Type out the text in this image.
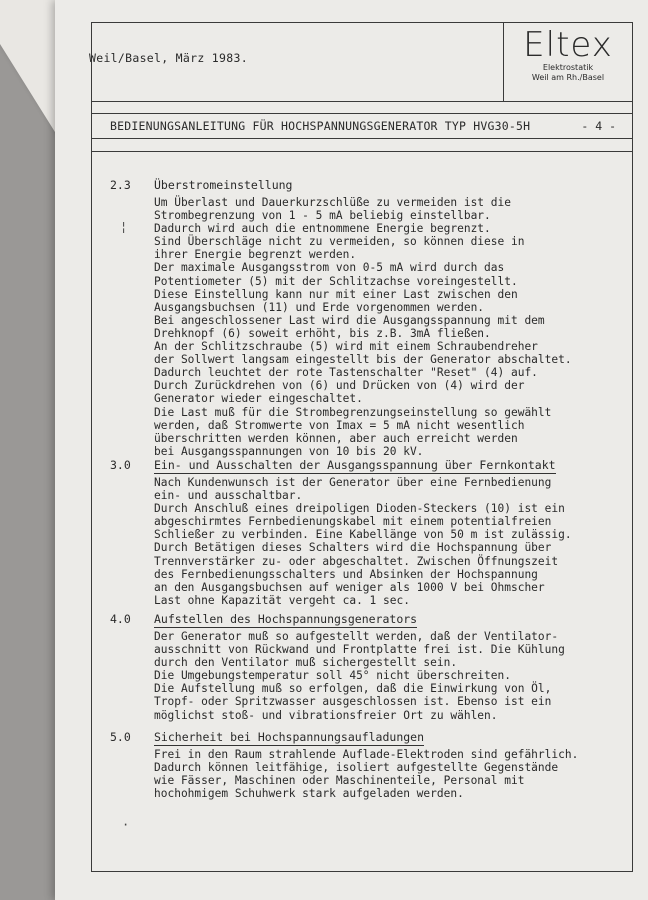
Weil/Basel, März 1983.	Eltex
Elektrostatik
Weil am Rh./Basel
BEDIENUNGSANLEITUNG FÜR HOCHSPANNUNGSGENERATOR TYP HVG30-5H	- 4 -
2.3 Überstromeinstellung
Um Überlast und Dauerkurzschlüße zu vermeiden ist die
Strombegrenzung von 1 - 5 mA beliebig einstellbar.
Dadurch wird auch die entnommene Energie begrenzt.
Sind Überschläge nicht zu vermeiden, so können diese in
ihrer Energie begrenzt werden.
Der maximale Ausgangsstrom von 0-5 mA wird durch das
Potentiometer (5) mit der Schlitzachse voreingestellt.
Diese Einstellung kann nur mit einer Last zwischen den
Ausgangsbuchsen (11) und Erde vorgenommen werden.
Bei angeschlossener Last wird die Ausgangsspannung mit dem
Drehknopf (6) soweit erhöht, bis z.B. 3mA fließen.
An der Schlitzschraube (5) wird mit einem Schraubendreher
der Sollwert langsam eingestellt bis der Generator abschaltet.
Dadurch leuchtet der rote Tastenschalter "Reset" (4) auf.
Durch Zurückdrehen von (6) und Drücken von (4) wird der
Generator wieder eingeschaltet.
Die Last muß für die Strombegrenzungseinstellung so gewählt
werden, daß Stromwerte von Imax = 5 mA nicht wesentlich
überschritten werden können, aber auch erreicht werden
bei Ausgangsspannungen von 10 bis 20 kV.
3.0 Ein- und Ausschalten der Ausgangsspannung über Fernkontakt
Nach Kundenwunsch ist der Generator über eine Fernbedienung
ein- und ausschaltbar.
Durch Anschluß eines dreipoligen Dioden-Steckers (10) ist ein
abgeschirmtes Fernbedienungskabel mit einem potentialfreien
Schließer zu verbinden. Eine Kabellänge von 50 m ist zulässig.
Durch Betätigen dieses Schalters wird die Hochspannung über
Trennverstärker zu- oder abgeschaltet. Zwischen Öffnungszeit
des Fernbedienungsschalters und Absinken der Hochspannung
an den Ausgangsbuchsen auf weniger als 1000 V bei Ohmscher
Last ohne Kapazität vergeht ca. 1 sec.
4.0 Aufstellen des Hochspannungsgenerators
Der Generator muß so aufgestellt werden, daß der Ventilator-
ausschnitt von Rückwand und Frontplatte frei ist. Die Kühlung
durch den Ventilator muß sichergestellt sein.
Die Umgebungstemperatur soll 45° nicht überschreiten.
Die Aufstellung muß so erfolgen, daß die Einwirkung von Öl,
Tropf- oder Spritzwasser ausgeschlossen ist. Ebenso ist ein
möglichst stoß- und vibrationsfreier Ort zu wählen.
5.0 Sicherheit bei Hochspannungsaufladungen
Frei in den Raum strahlende Auflade-Elektroden sind gefährlich.
Dadurch können leitfähige, isoliert aufgestellte Gegenstände
wie Fässer, Maschinen oder Maschinenteile, Personal mit
hochohmigem Schuhwerk stark aufgeladen werden.
¦
·
